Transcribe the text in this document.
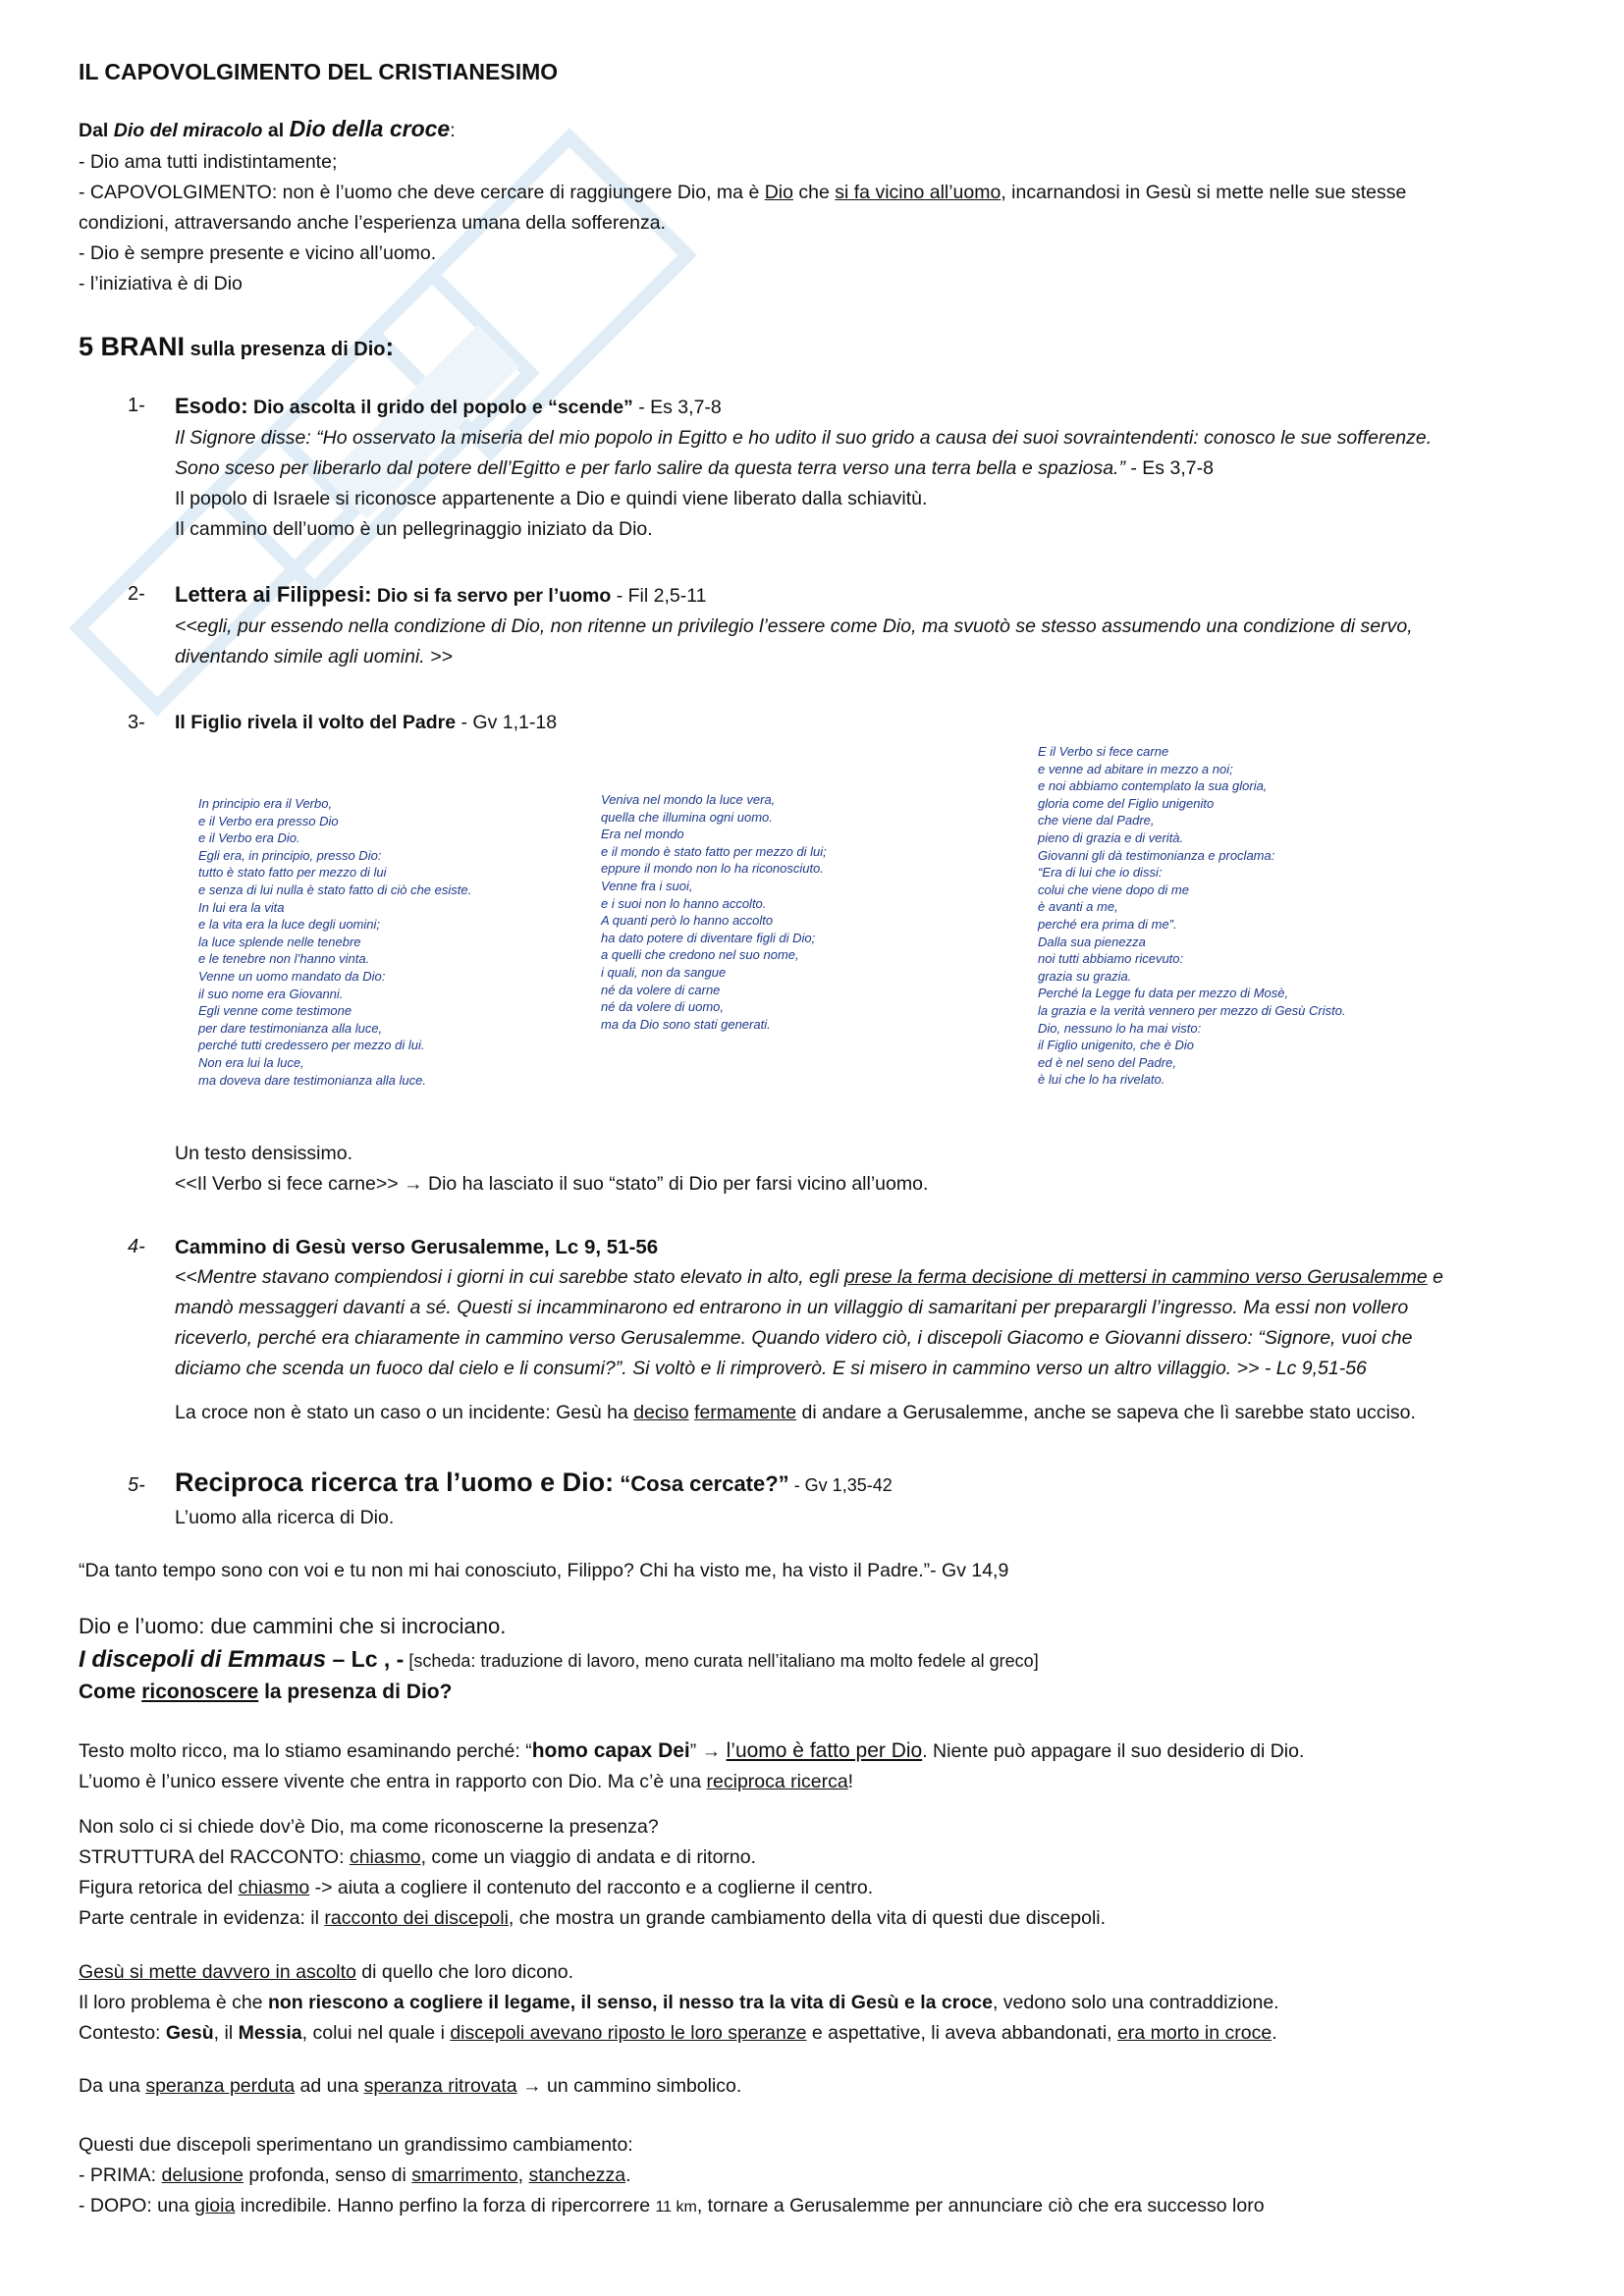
IL CAPOVOLGIMENTO DEL CRISTIANESIMO

Dal Dio del miracolo al Dio della croce:

- Dio ama tutti indistintamente;

- CAPOVOLGIMENTO: non è l’uomo che deve cercare di raggiungere Dio, ma è Dio che si fa vicino all’uomo, incarnandosi in Gesù si mette nelle sue stesse

condizioni, attraversando anche l’esperienza umana della sofferenza.

- Dio è sempre presente e vicino all’uomo.

- l’iniziativa è di Dio

5 BRANI sulla presenza di Dio:
1- Esodo: Dio ascolta il grido del popolo e “scende” - Es 3,7-8

Il Signore disse: “Ho osservato la miseria del mio popolo in Egitto e ho udito il suo grido a causa dei suoi sovraintendenti: conosco le sue sofferenze.

Sono sceso per liberarlo dal potere dell’Egitto e per farlo salire da questa terra verso una terra bella e spaziosa.” - Es 3,7-8

Il popolo di Israele si riconosce appartenente a Dio e quindi viene liberato dalla schiavitù.

Il cammino dell’uomo è un pellegrinaggio iniziato da Dio.

2- Lettera ai Filippesi: Dio si fa servo per l’uomo - Fil 2,5-11

<<egli, pur essendo nella condizione di Dio, non ritenne un privilegio l’essere come Dio, ma svuotò se stesso assumendo una condizione di servo,

diventando simile agli uomini. >>

3- Il Figlio rivela il volto del Padre - Gv 1,1-18

In principio era il Verbo,
e il Verbo era presso Dio
e il Verbo era Dio.
Egli era, in principio, presso Dio:
tutto è stato fatto per mezzo di lui
e senza di lui nulla è stato fatto di ciò che esiste.
In lui era la vita
e la vita era la luce degli uomini;
la luce splende nelle tenebre
e le tenebre non l’hanno vinta.
Venne un uomo mandato da Dio:
il suo nome era Giovanni.
Egli venne come testimone
per dare testimonianza alla luce,
perché tutti credessero per mezzo di lui.
Non era lui la luce,
ma doveva dare testimonianza alla luce.
Veniva nel mondo la luce vera,
quella che illumina ogni uomo.
Era nel mondo
e il mondo è stato fatto per mezzo di lui;
eppure il mondo non lo ha riconosciuto.
Venne fra i suoi,
e i suoi non lo hanno accolto.
A quanti però lo hanno accolto
ha dato potere di diventare figli di Dio;
a quelli che credono nel suo nome,
i quali, non da sangue
né da volere di carne
né da volere di uomo,
ma da Dio sono stati generati.
E il Verbo si fece carne
e venne ad abitare in mezzo a noi;
e noi abbiamo contemplato la sua gloria,
gloria come del Figlio unigenito
che viene dal Padre,
pieno di grazia e di verità.
Giovanni gli dà testimonianza e proclama:
“Era di lui che io dissi:
colui che viene dopo di me
è avanti a me,
perché era prima di me”.
Dalla sua pienezza
noi tutti abbiamo ricevuto:
grazia su grazia.
Perché la Legge fu data per mezzo di Mosè,
la grazia e la verità vennero per mezzo di Gesù Cristo.
Dio, nessuno lo ha mai visto:
il Figlio unigenito, che è Dio
ed è nel seno del Padre,
è lui che lo ha rivelato.

Un testo densissimo.

<<Il Verbo si fece carne>> → Dio ha lasciato il suo “stato” di Dio per farsi vicino all’uomo.

4- Cammino di Gesù verso Gerusalemme, Lc 9, 51-56

<<Mentre stavano compiendosi i giorni in cui sarebbe stato elevato in alto, egli prese la ferma decisione di mettersi in cammino verso Gerusalemme e

mandò messaggeri davanti a sé. Questi si incamminarono ed entrarono in un villaggio di samaritani per preparargli l’ingresso. Ma essi non vollero

riceverlo, perché era chiaramente in cammino verso Gerusalemme. Quando videro ciò, i discepoli Giacomo e Giovanni dissero: “Signore, vuoi che

diciamo che scenda un fuoco dal cielo e li consumi?”. Si voltò e li rimproverò. E si misero in cammino verso un altro villaggio. >> - Lc 9,51-56

La croce non è stato un caso o un incidente: Gesù ha deciso fermamente di andare a Gerusalemme, anche se sapeva che lì sarebbe stato ucciso.

5- Reciproca ricerca tra l’uomo e Dio: “Cosa cercate?” - Gv 1,35-42

L’uomo alla ricerca di Dio.

“Da tanto tempo sono con voi e tu non mi hai conosciuto, Filippo? Chi ha visto me, ha visto il Padre.”- Gv 14,9

Dio e l’uomo: due cammini che si incrociano.

I discepoli di Emmaus – Lc , - [scheda: traduzione di lavoro, meno curata nell’italiano ma molto fedele al greco]

Come riconoscere la presenza di Dio?

Testo molto ricco, ma lo stiamo esaminando perché: “homo capax Dei” → l’uomo è fatto per Dio. Niente può appagare il suo desiderio di Dio.

L’uomo è l’unico essere vivente che entra in rapporto con Dio. Ma c’è una reciproca ricerca!

Non solo ci si chiede dov’è Dio, ma come riconoscerne la presenza?

STRUTTURA del RACCONTO: chiasmo, come un viaggio di andata e di ritorno.

Figura retorica del chiasmo -> aiuta a cogliere il contenuto del racconto e a coglierne il centro.

Parte centrale in evidenza: il racconto dei discepoli, che mostra un grande cambiamento della vita di questi due discepoli.

Gesù si mette davvero in ascolto di quello che loro dicono.

Il loro problema è che non riescono a cogliere il legame, il senso, il nesso tra la vita di Gesù e la croce, vedono solo una contraddizione.

Contesto: Gesù, il Messia, colui nel quale i discepoli avevano riposto le loro speranze e aspettative, li aveva abbandonati, era morto in croce.

Da una speranza perduta ad una speranza ritrovata → un cammino simbolico.

Questi due discepoli sperimentano un grandissimo cambiamento:

- PRIMA: delusione profonda, senso di smarrimento, stanchezza.

- DOPO: una gioia incredibile. Hanno perfino la forza di ripercorrere 11 km, tornare a Gerusalemme per annunciare ciò che era successo loro
